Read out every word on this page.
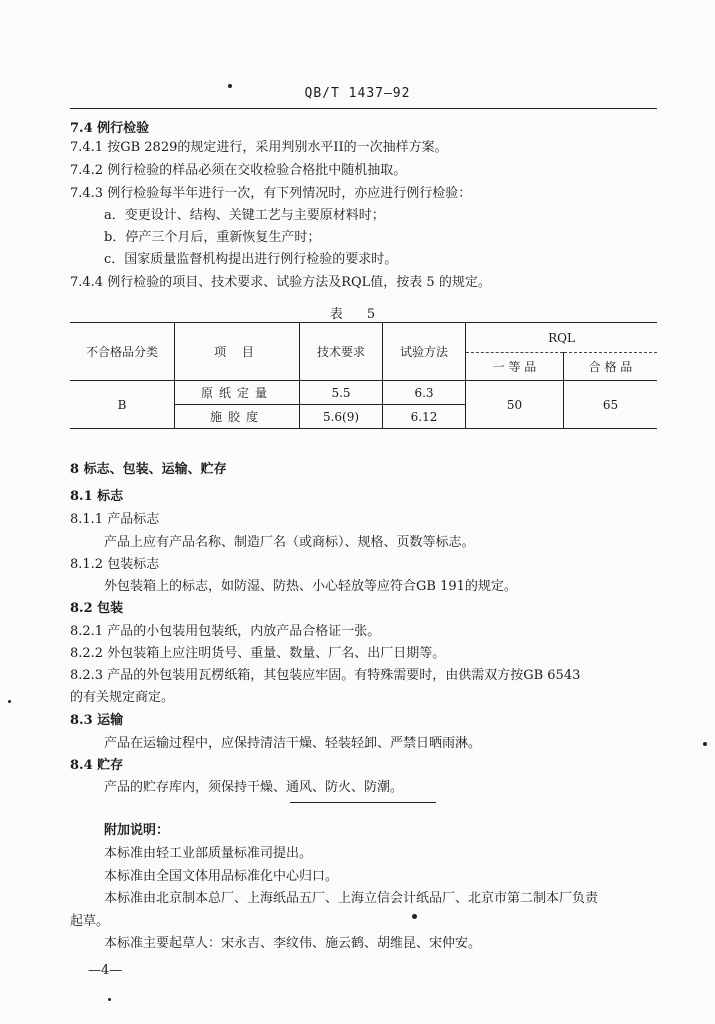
QB/T 1437—92
7.4 例行检验
7.4.1 按GB 2829的规定进行，采用判别水平II的一次抽样方案。
7.4.2 例行检验的样品必须在交收检验合格批中随机抽取。
7.4.3 例行检验每半年进行一次，有下列情况时，亦应进行例行检验：
a．变更设计、结构、关键工艺与主要原材料时；
b．停产三个月后，重新恢复生产时；
c．国家质量监督机构提出进行例行检验的要求时。
7.4.4 例行检验的项目、技术要求、试验方法及RQL值，按表 5 的规定。
表 5
不合格品分类	项 目	技术要求	试验方法	RQL	
				一 等 品	合 格 品
B	原纸定量	5.5	6.3	50	65
	施胶度	5.6(9)	6.12		
8 标志、包装、运输、贮存
8.1 标志
8.1.1 产品标志
产品上应有产品名称、制造厂名（或商标）、规格、页数等标志。
8.1.2 包装标志
外包装箱上的标志，如防湿、防热、小心轻放等应符合GB 191的规定。
8.2 包装
8.2.1 产品的小包装用包装纸，内放产品合格证一张。
8.2.2 外包装箱上应注明货号、重量、数量、厂名、出厂日期等。
8.2.3 产品的外包装用瓦楞纸箱，其包装应牢固。有特殊需要时，由供需双方按GB 6543
的有关规定商定。
8.3 运输
产品在运输过程中，应保持清洁干燥、轻装轻卸、严禁日晒雨淋。
8.4 贮存
产品的贮存库内，须保持干燥、通风、防火、防潮。
附加说明：
本标准由轻工业部质量标准司提出。
本标准由全国文体用品标准化中心归口。
本标准由北京制本总厂、上海纸品五厂、上海立信会计纸品厂、北京市第二制本厂负责
起草。
本标准主要起草人：宋永吉、李纹伟、施云鹤、胡维昆、宋仲安。
—4—
